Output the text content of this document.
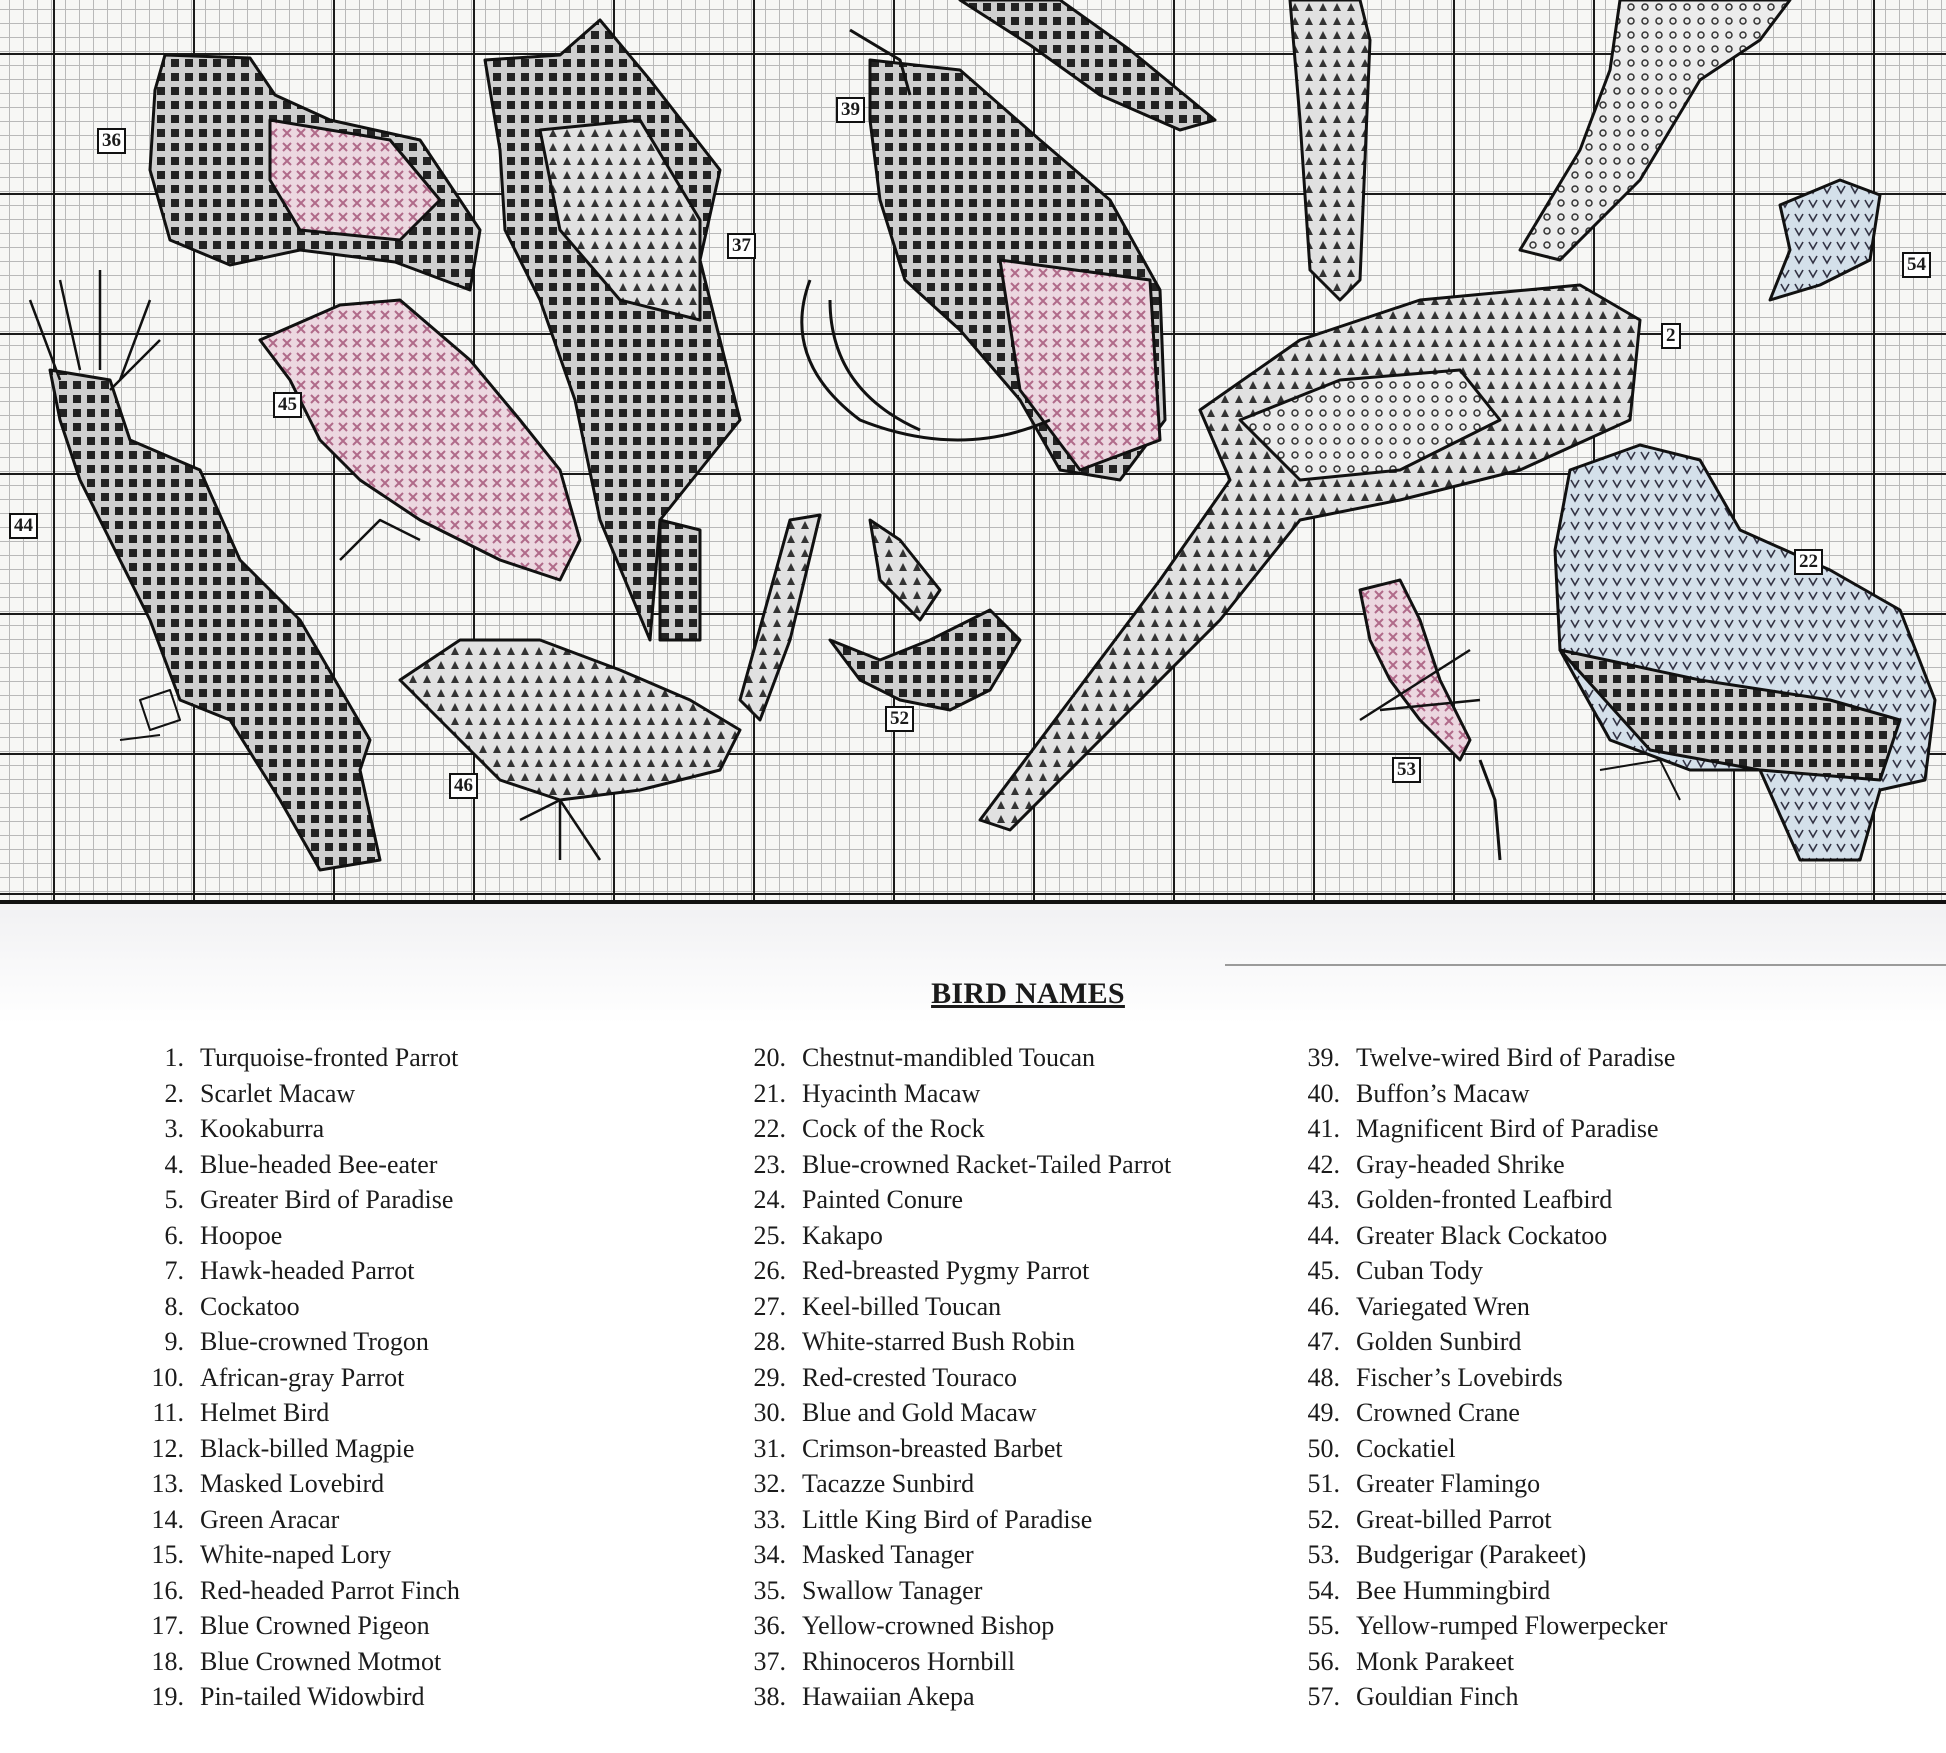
36
37
39
54
2
45
44
22
46
52
53
BIRD NAMES
1. Turquoise-fronted Parrot
2. Scarlet Macaw
3. Kookaburra
4. Blue-headed Bee-eater
5. Greater Bird of Paradise
6. Hoopoe
7. Hawk-headed Parrot
8. Cockatoo
9. Blue-crowned Trogon
10. African-gray Parrot
11. Helmet Bird
12. Black-billed Magpie
13. Masked Lovebird
14. Green Aracar
15. White-naped Lory
16. Red-headed Parrot Finch
17. Blue Crowned Pigeon
18. Blue Crowned Motmot
19. Pin-tailed Widowbird
20. Chestnut-mandibled Toucan
21. Hyacinth Macaw
22. Cock of the Rock
23. Blue-crowned Racket-Tailed Parrot
24. Painted Conure
25. Kakapo
26. Red-breasted Pygmy Parrot
27. Keel-billed Toucan
28. White-starred Bush Robin
29. Red-crested Touraco
30. Blue and Gold Macaw
31. Crimson-breasted Barbet
32. Tacazze Sunbird
33. Little King Bird of Paradise
34. Masked Tanager
35. Swallow Tanager
36. Yellow-crowned Bishop
37. Rhinoceros Hornbill
38. Hawaiian Akepa
39. Twelve-wired Bird of Paradise
40. Buffon’s Macaw
41. Magnificent Bird of Paradise
42. Gray-headed Shrike
43. Golden-fronted Leafbird
44. Greater Black Cockatoo
45. Cuban Tody
46. Variegated Wren
47. Golden Sunbird
48. Fischer’s Lovebirds
49. Crowned Crane
50. Cockatiel
51. Greater Flamingo
52. Great-billed Parrot
53. Budgerigar (Parakeet)
54. Bee Hummingbird
55. Yellow-rumped Flowerpecker
56. Monk Parakeet
57. Gouldian Finch
